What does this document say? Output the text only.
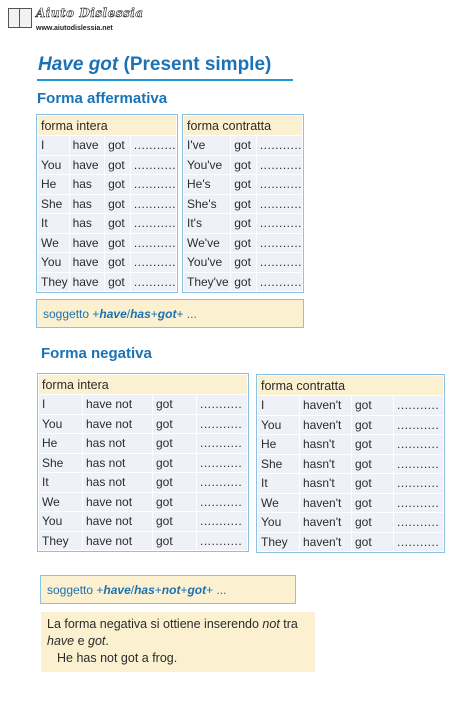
Aiuto Dislessia
www.aiutodislessia.net
Have got (Present simple)
Forma affermativa
forma intera			
I	have	got	...........
You	have	got	...........
He	has	got	...........
She	has	got	...........
It	has	got	...........
We	have	got	...........
You	have	got	...........
They	have	got	...........
forma contratta		
I've	got	...........
You've	got	...........
He's	got	...........
She's	got	...........
It's	got	...........
We've	got	...........
You've	got	...........
They've	got	...........
soggetto + have / has + got + ...
Forma negativa
forma intera			
I	have not	got	...........
You	have not	got	...........
He	has not	got	...........
She	has not	got	...........
It	has not	got	...........
We	have not	got	...........
You	have not	got	...........
They	have not	got	...........
forma contratta			
I	haven't	got	...........
You	haven't	got	...........
He	hasn't	got	...........
She	hasn't	got	...........
It	hasn't	got	...........
We	haven't	got	...........
You	haven't	got	...........
They	haven't	got	...........
soggetto + have / has + not + got + ...
La forma negativa si ottiene inserendo not tra
have e got.
He has not got a frog.
